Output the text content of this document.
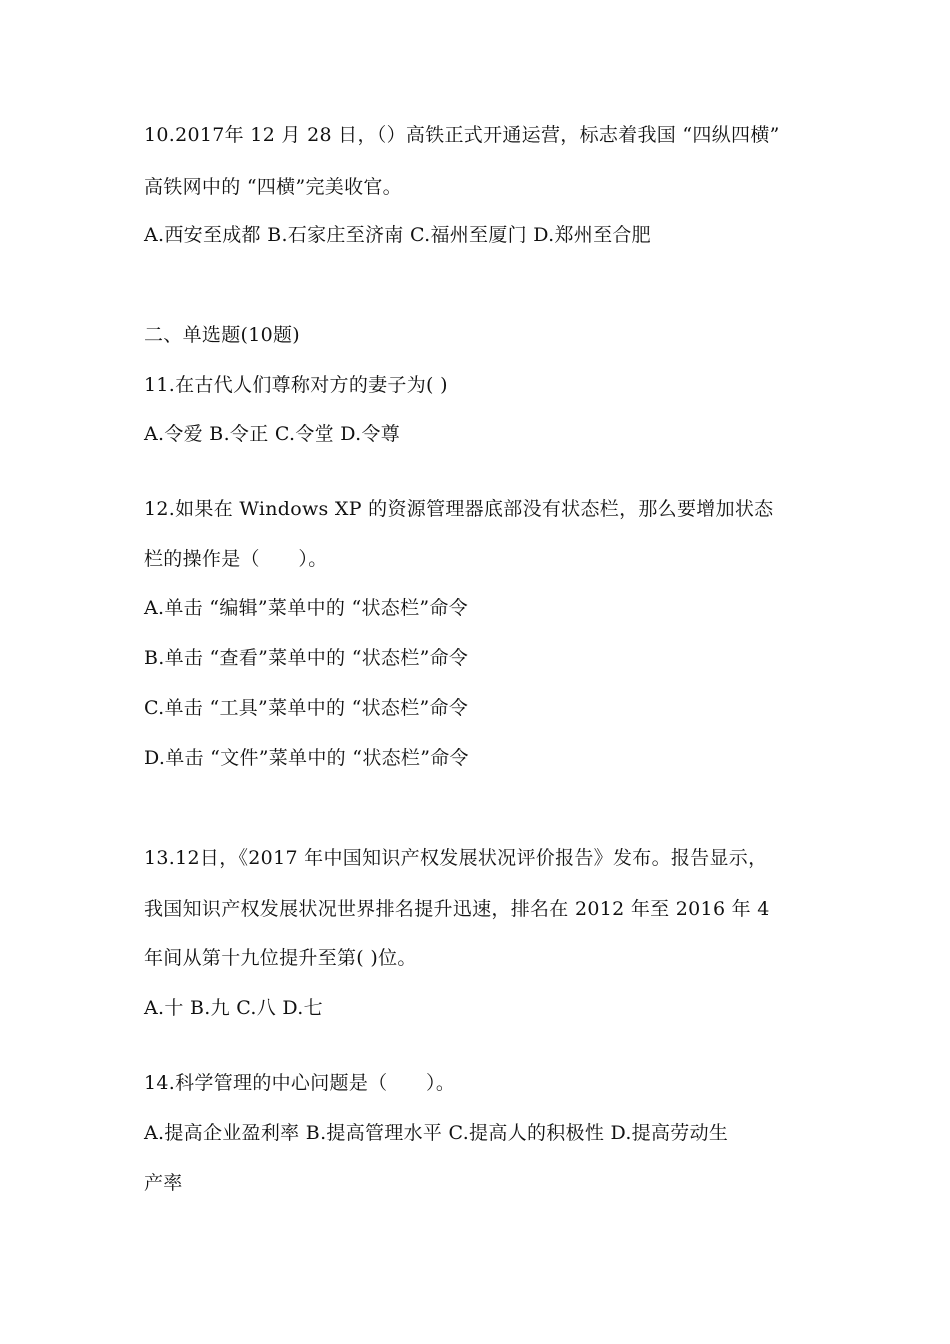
10.2017年 12 月 28 日，（）高铁正式开通运营，标志着我国 “四纵四横”
高铁网中的 “四横”完美收官。
A.西安至成都 B.石家庄至济南 C.福州至厦门 D.郑州至合肥
二、单选题(10题)
11.在古代人们尊称对方的妻子为( )
A.令爱 B.令正 C.令堂 D.令尊
12.如果在 Windows XP 的资源管理器底部没有状态栏，那么要增加状态
栏的操作是（　　）。
A.单击 “编辑”菜单中的 “状态栏”命令
B.单击 “查看”菜单中的 “状态栏”命令
C.单击 “工具”菜单中的 “状态栏”命令
D.单击 “文件”菜单中的 “状态栏”命令
13.12日，《2017 年中国知识产权发展状况评价报告》发布。报告显示，
我国知识产权发展状况世界排名提升迅速，排名在 2012 年至 2016 年 4
年间从第十九位提升至第( )位。
A.十 B.九 C.八 D.七
14.科学管理的中心问题是（　　）。
A.提高企业盈利率 B.提高管理水平 C.提高人的积极性 D.提高劳动生
产率
